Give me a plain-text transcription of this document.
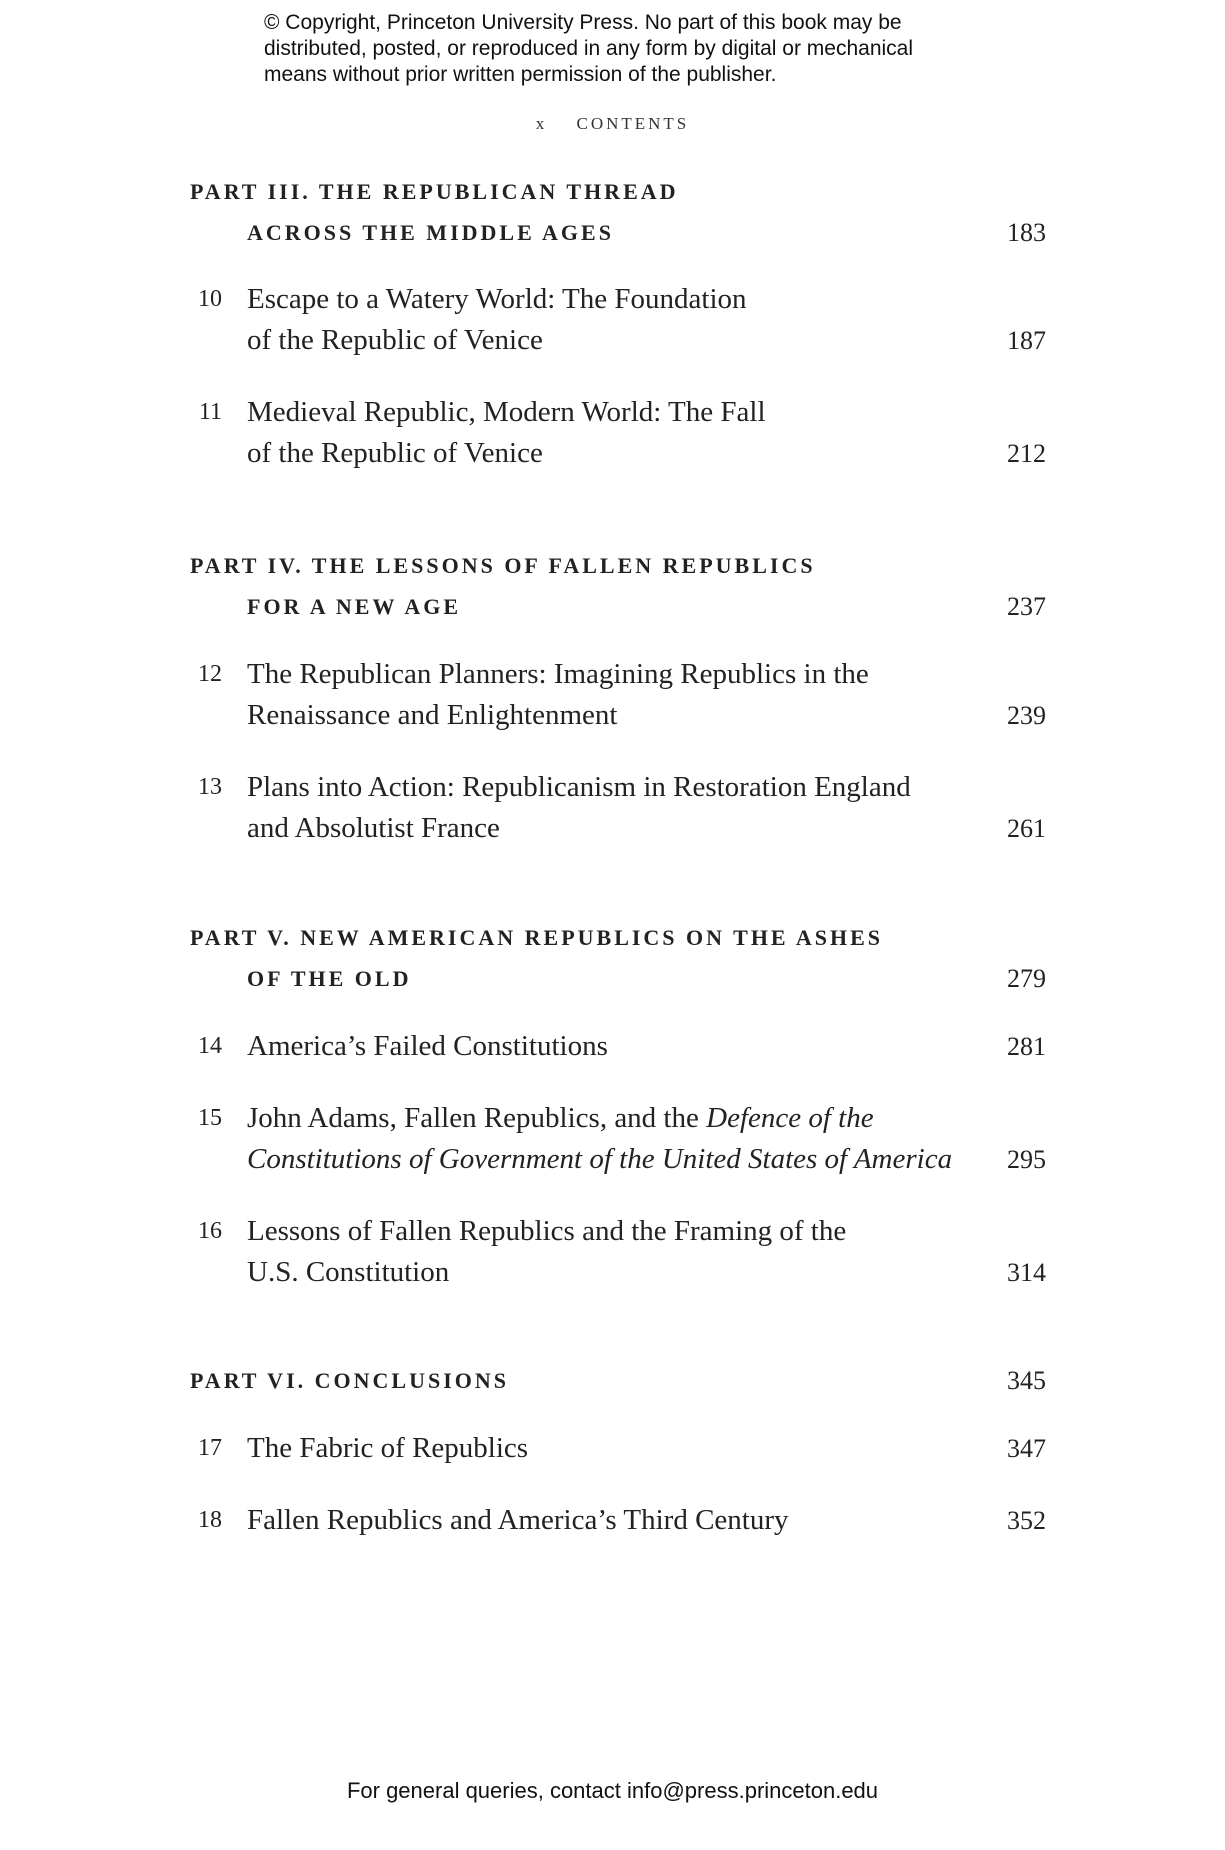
© Copyright, Princeton University Press. No part of this book may be
distributed, posted, or reproduced in any form by digital or mechanical
means without prior written permission of the publisher.
x CONTENTS
PART III. THE REPUBLICAN THREAD
ACROSS THE MIDDLE AGES	183
10 Escape to a Watery World: The Foundation
of the Republic of Venice	187
11 Medieval Republic, Modern World: The Fall
of the Republic of Venice	212
PART IV. THE LESSONS OF FALLEN REPUBLICS
FOR A NEW AGE	237
12 The Republican Planners: Imagining Republics in the
Renaissance and Enlightenment	239
13 Plans into Action: Republicanism in Restoration England
and Absolutist France	261
PART V. NEW AMERICAN REPUBLICS ON THE ASHES
OF THE OLD	279
14 America’s Failed Constitutions	281
15 John Adams, Fallen Republics, and the Defence of the
Constitutions of Government of the United States of America	295
16 Lessons of Fallen Republics and the Framing of the
U.S. Constitution	314
PART VI. CONCLUSIONS	345
17 The Fabric of Republics	347
18 Fallen Republics and America’s Third Century	352
For general queries, contact info@press.princeton.edu
